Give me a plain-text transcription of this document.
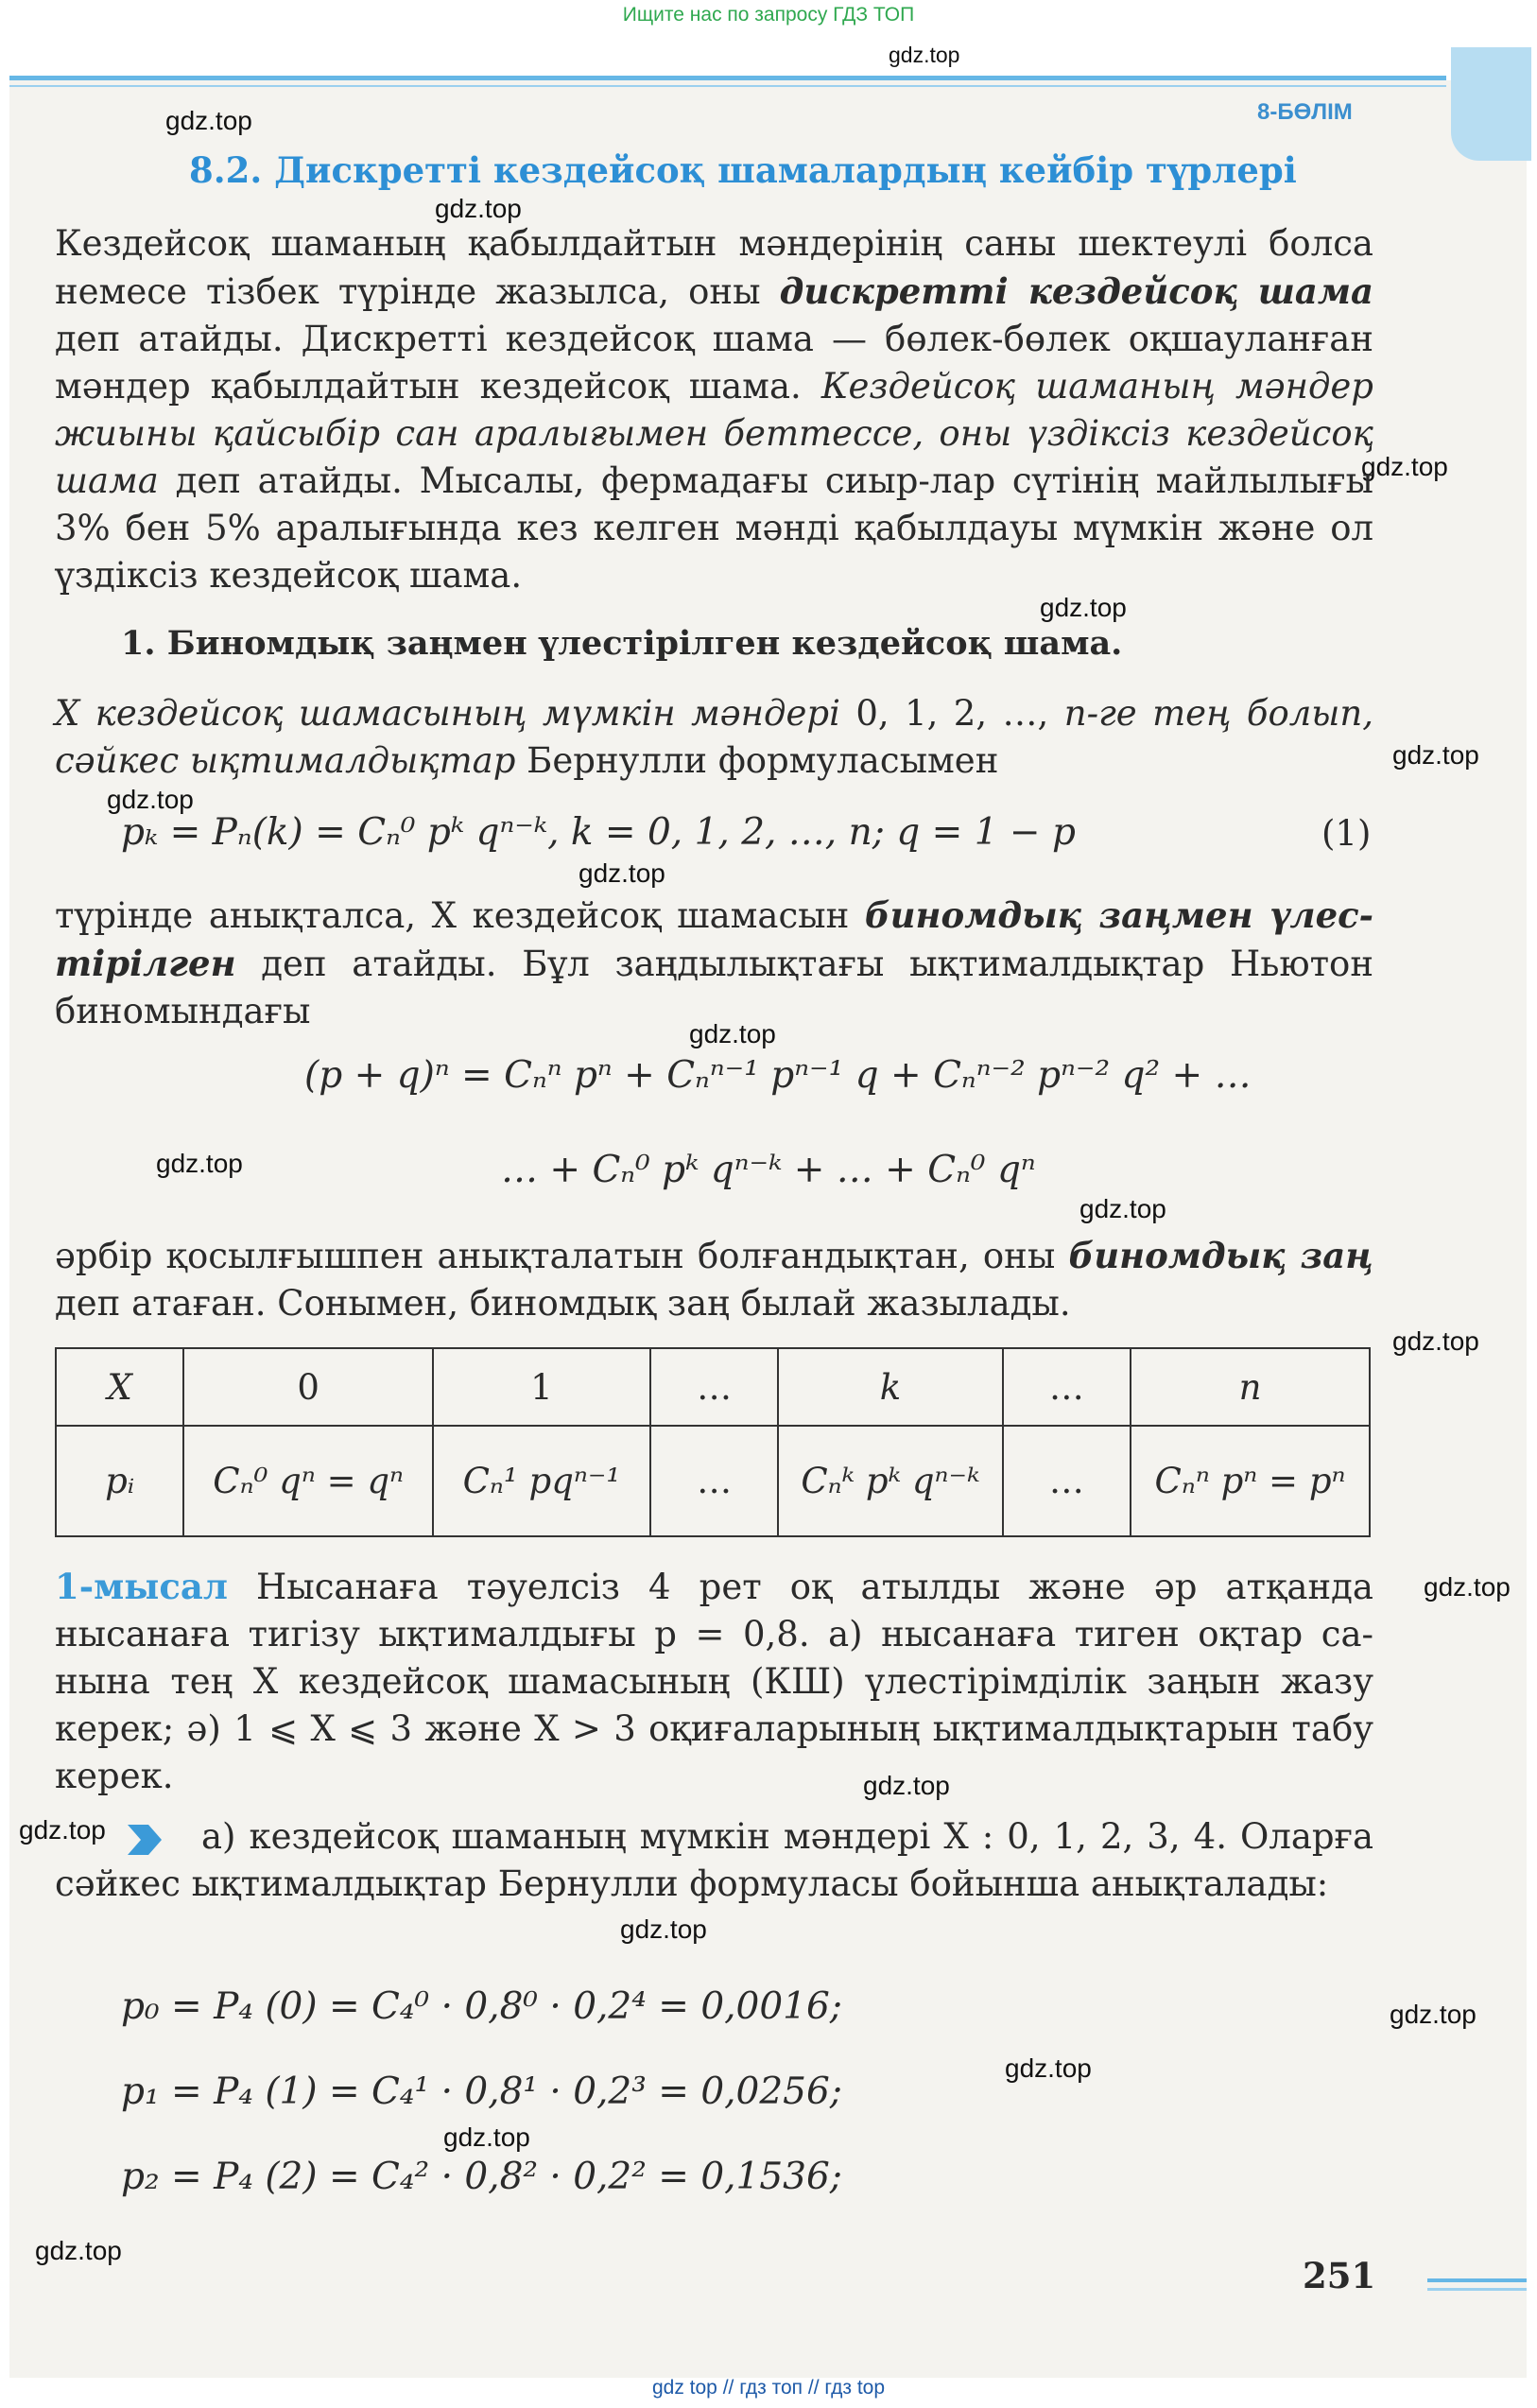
Ищите нас по запросу ГДЗ ТОП
gdz.top
gdz.top
gdz.top
gdz.top
gdz.top
gdz.top
gdz.top
gdz.top
gdz.top
gdz.top
gdz.top
gdz.top
gdz.top
gdz.top
gdz.top
gdz.top
gdz.top
gdz.top
gdz.top
gdz.top
8-БӨЛІМ
8.2. Дискретті кездейсоқ шамалардың кейбір түрлері
Кездейсоқ шаманың қабылдайтын мәндерінің саны шектеулі болса немесе тізбек түрінде жазылса, оны дискретті кездейсоқ шама деп атайды. Дискретті кездейсоқ шама — бөлек-бөлек оқшауланған мәндер қабылдайтын кездейсоқ шама. Кездейсоқ шаманың мәндер жиыны қайсыбір сан аралығымен беттессе, оны үздіксіз кездейсоқ шама деп атайды. Мысалы, фермадағы сиыр-лар сүтінің майлылығы 3% бен 5% аралығында кез келген мәнді қабылдауы мүмкін және ол үздіксіз кездейсоқ шама.
1. Биномдық заңмен үлестірілген кездейсоқ шама.
X кездейсоқ шамасының мүмкін мәндері 0, 1, 2, …, n-ге тең болып, сәйкес ықтималдықтар Бернулли формуласымен
pₖ = Pₙ(k) = Cₙ⁰ pᵏ qⁿ⁻ᵏ, k = 0, 1, 2, …, n; q = 1 − p	(1)
түрінде анықталса, X кездейсоқ шамасын биномдық заңмен үлес-тірілген деп атайды. Бұл заңдылықтағы ықтималдықтар Ньютон биномындағы
(p + q)ⁿ = Cₙⁿ pⁿ + Cₙⁿ⁻¹ pⁿ⁻¹ q + Cₙⁿ⁻² pⁿ⁻² q² + …
… + Cₙ⁰ pᵏ qⁿ⁻ᵏ + … + Cₙ⁰ qⁿ
әрбір қосылғышпен анықталатын болғандықтан, оны биномдық заң деп атаған. Сонымен, биномдық заң былай жазылады.
X	0	1	…	k	…	n
pᵢ	Cₙ⁰ qⁿ = qⁿ	Cₙ¹ pqⁿ⁻¹	…	Cₙᵏ pᵏ qⁿ⁻ᵏ	…	Cₙⁿ pⁿ = pⁿ
1-мысал Нысанаға тәуелсіз 4 рет оқ атылды және әр атқанда нысанаға тигізу ықтималдығы p = 0,8. а) нысанаға тиген оқтар са-нына тең X кездейсоқ шамасының (КШ) үлестірімділік заңын жазу керек; ә) 1 ⩽ X ⩽ 3 және X > 3 оқиғаларының ықтималдықтарын табу керек.
а) кездейсоқ шаманың мүмкін мәндері X : 0, 1, 2, 3, 4. Оларға сәйкес ықтималдықтар Бернулли формуласы бойынша анықталады:
p₀ = P₄ (0) = C₄⁰ · 0,8⁰ · 0,2⁴ = 0,0016;
p₁ = P₄ (1) = C₄¹ · 0,8¹ · 0,2³ = 0,0256;
p₂ = P₄ (2) = C₄² · 0,8² · 0,2² = 0,1536;
251
gdz top // гдз топ // гдз top
